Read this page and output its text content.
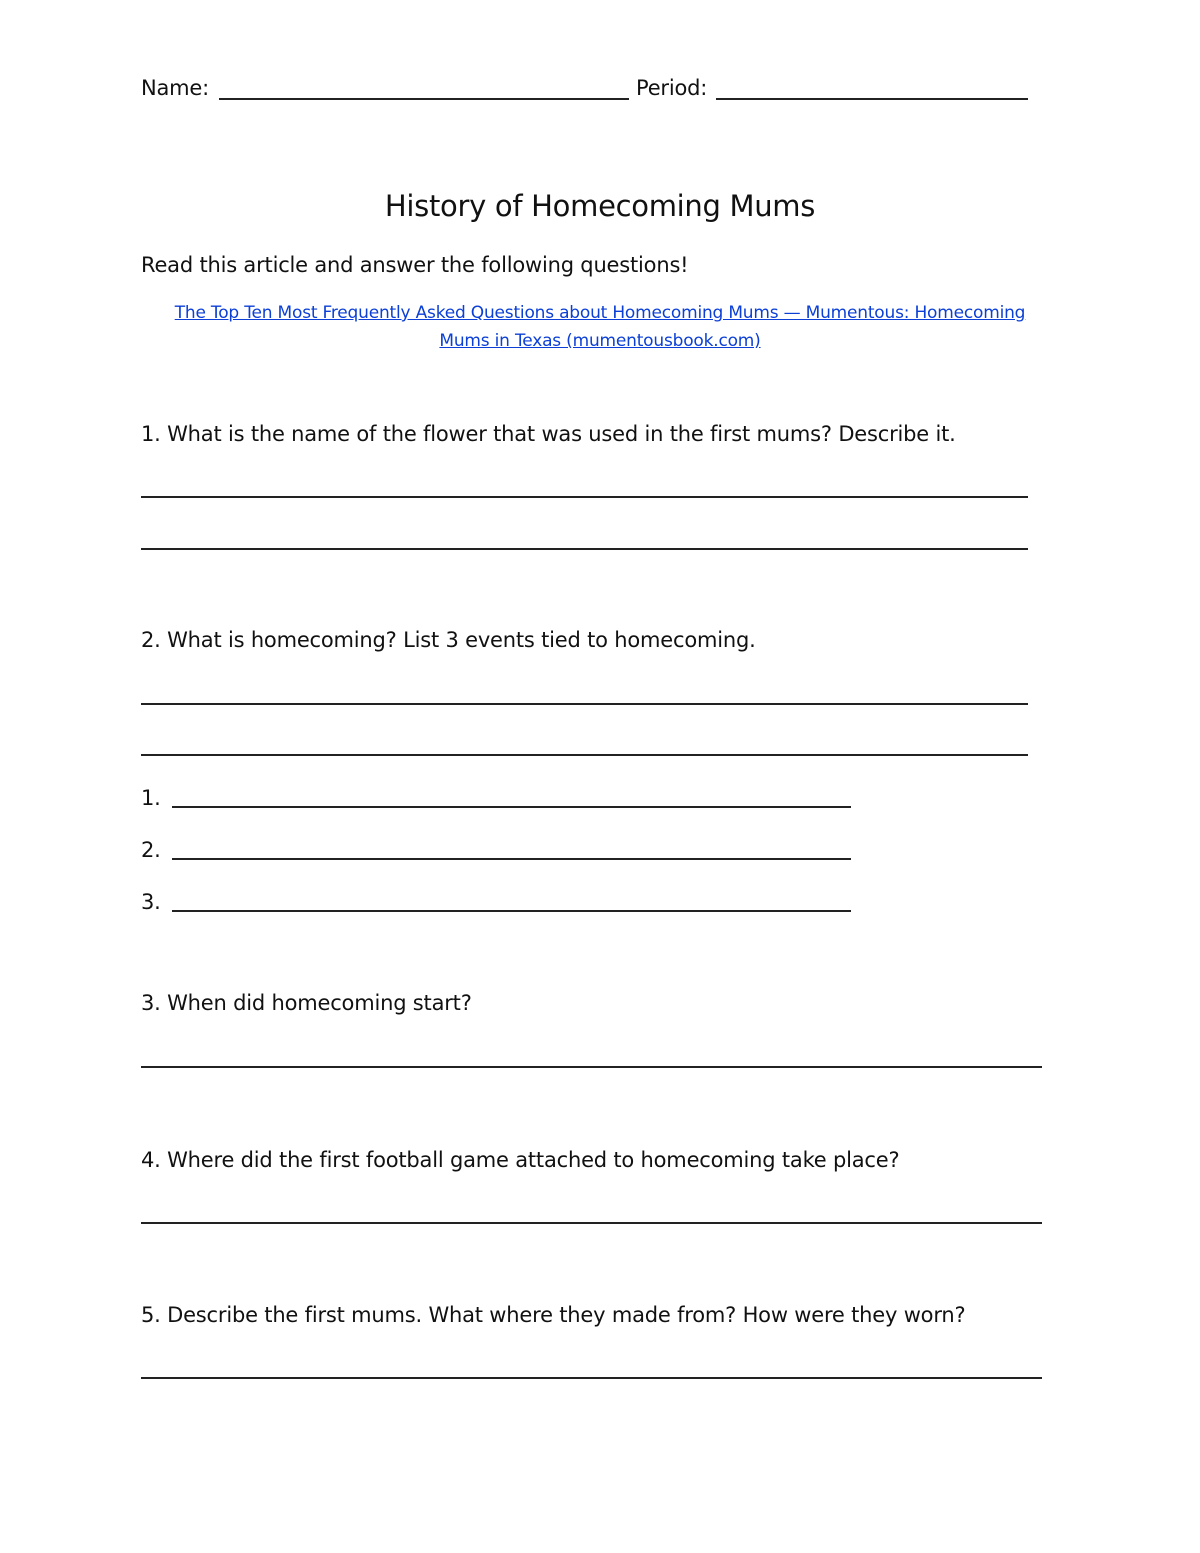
Name:	Period:
History of Homecoming Mums
Read this article and answer the following questions!
The Top Ten Most Frequently Asked Questions about Homecoming Mums — Mumentous: Homecoming
Mums in Texas (mumentousbook.com)
1. What is the name of the flower that was used in the first mums? Describe it.
2. What is homecoming? List 3 events tied to homecoming.
1.
2.
3.
3. When did homecoming start?
4. Where did the first football game attached to homecoming take place?
5. Describe the first mums. What where they made from? How were they worn?
